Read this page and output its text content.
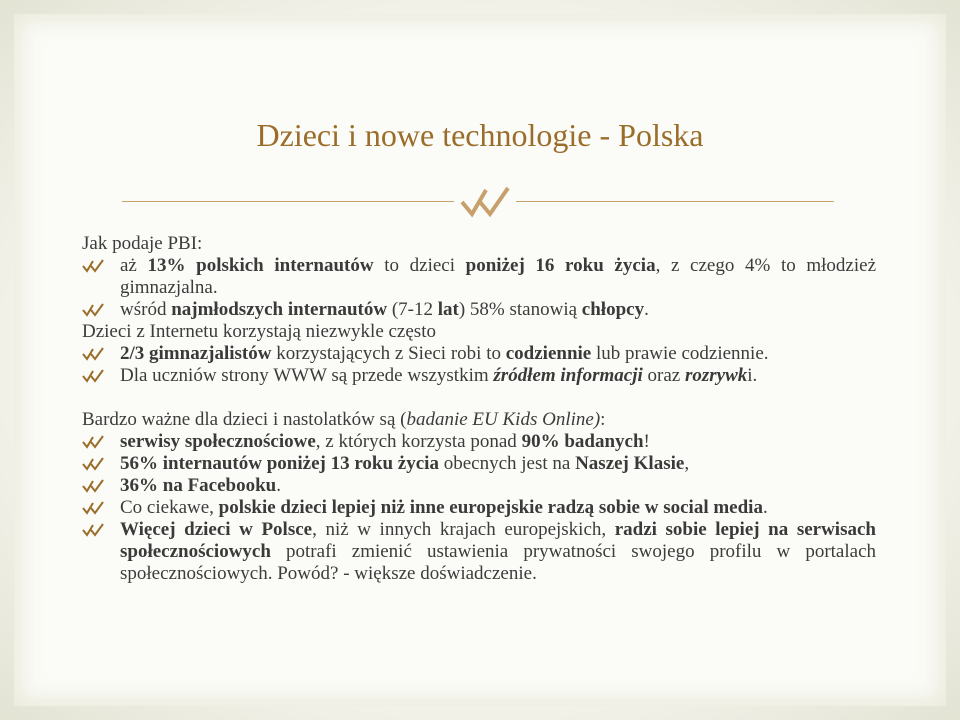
Dzieci i nowe technologie - Polska

Jak podaje PBI:

aż 13% polskich internautów to dzieci poniżej 16 roku życia, z czego 4% to młodzież gimnazjalna.
wśród najmłodszych internautów (7-12 lat) 58% stanowią chłopcy.

Dzieci z Internetu korzystają niezwykle często

2/3 gimnazjalistów korzystających z Sieci robi to codziennie lub prawie codziennie.
Dla uczniów strony WWW są przede wszystkim źródłem informacji oraz rozrywki.

Bardzo ważne dla dzieci i nastolatków są (badanie EU Kids Online):

serwisy społecznościowe, z których korzysta ponad 90% badanych!
56% internautów poniżej 13 roku życia obecnych jest na Naszej Klasie,
36% na Facebooku.
Co ciekawe, polskie dzieci lepiej niż inne europejskie radzą sobie w social media.
Więcej dzieci w Polsce, niż w innych krajach europejskich, radzi sobie lepiej na serwisach społecznościowych potrafi zmienić ustawienia prywatności swojego profilu w portalach społecznościowych. Powód? - większe doświadczenie.
